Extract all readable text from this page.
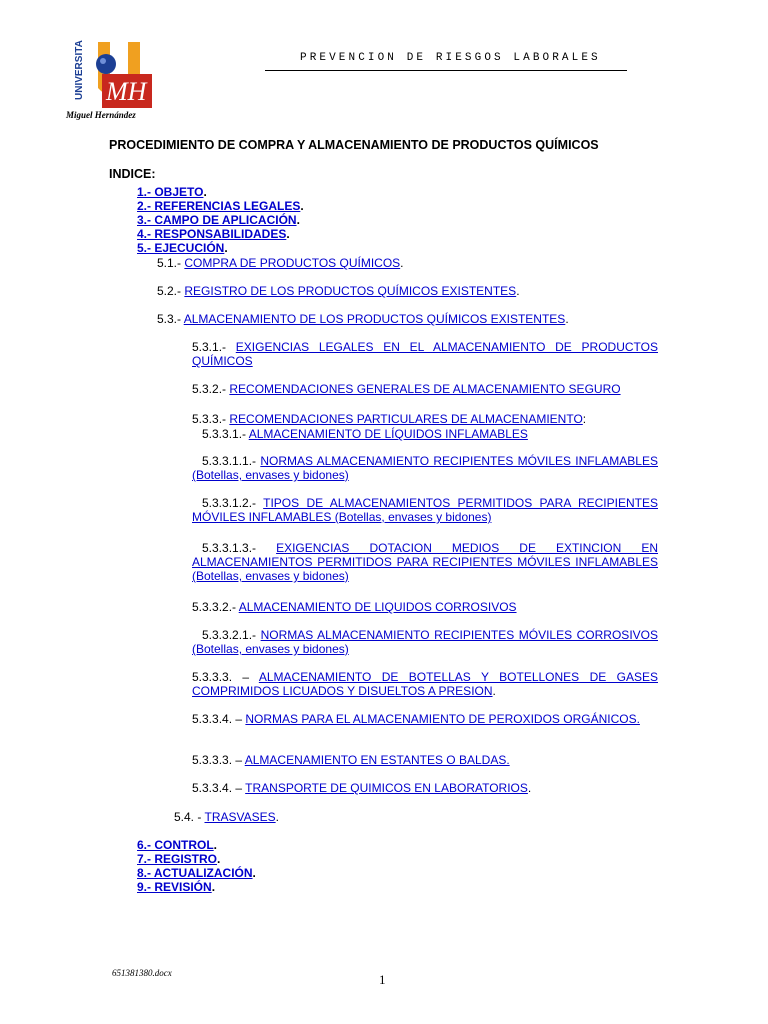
MH
UNIVERSITAS
Miguel Hernández
PREVENCION DE RIESGOS LABORALES
PROCEDIMIENTO DE COMPRA Y ALMACENAMIENTO DE PRODUCTOS QUÍMICOS
INDICE:
1.- OBJETO.
2.- REFERENCIAS LEGALES.
3.- CAMPO DE APLICACIÓN.
4.- RESPONSABILIDADES.
5.- EJECUCIÓN.
5.1.- COMPRA DE PRODUCTOS QUÍMICOS.
5.2.- REGISTRO DE LOS PRODUCTOS QUÍMICOS EXISTENTES.
5.3.- ALMACENAMIENTO DE LOS PRODUCTOS QUÍMICOS EXISTENTES.
5.3.1.- EXIGENCIAS LEGALES EN EL ALMACENAMIENTO DE PRODUCTOS QUÍMICOS
5.3.2.- RECOMENDACIONES GENERALES DE ALMACENAMIENTO SEGURO
5.3.3.- RECOMENDACIONES PARTICULARES DE ALMACENAMIENTO:
5.3.3.1.- ALMACENAMIENTO DE LÍQUIDOS INFLAMABLES
5.3.3.1.1.- NORMAS ALMACENAMIENTO RECIPIENTES MÓVILES INFLAMABLES (Botellas, envases y bidones)
5.3.3.1.2.- TIPOS DE ALMACENAMIENTOS PERMITIDOS PARA RECIPIENTES MÓVILES INFLAMABLES (Botellas, envases y bidones)
5.3.3.1.3.- EXIGENCIAS DOTACION MEDIOS DE EXTINCION EN ALMACENAMIENTOS PERMITIDOS PARA RECIPIENTES MÓVILES INFLAMABLES (Botellas, envases y bidones)
5.3.3.2.- ALMACENAMIENTO DE LIQUIDOS CORROSIVOS
5.3.3.2.1.- NORMAS ALMACENAMIENTO RECIPIENTES MÓVILES CORROSIVOS (Botellas, envases y bidones)
5.3.3.3. – ALMACENAMIENTO DE BOTELLAS Y BOTELLONES DE GASES COMPRIMIDOS LICUADOS Y DISUELTOS A PRESION.
5.3.3.4. – NORMAS PARA EL ALMACENAMIENTO DE PEROXIDOS ORGÁNICOS.
5.3.3.3. – ALMACENAMIENTO EN ESTANTES O BALDAS.
5.3.3.4. – TRANSPORTE DE QUIMICOS EN LABORATORIOS.
5.4. - TRASVASES.
6.- CONTROL.
7.- REGISTRO.
8.- ACTUALIZACIÓN.
9.- REVISIÓN.
651381380.docx	1
